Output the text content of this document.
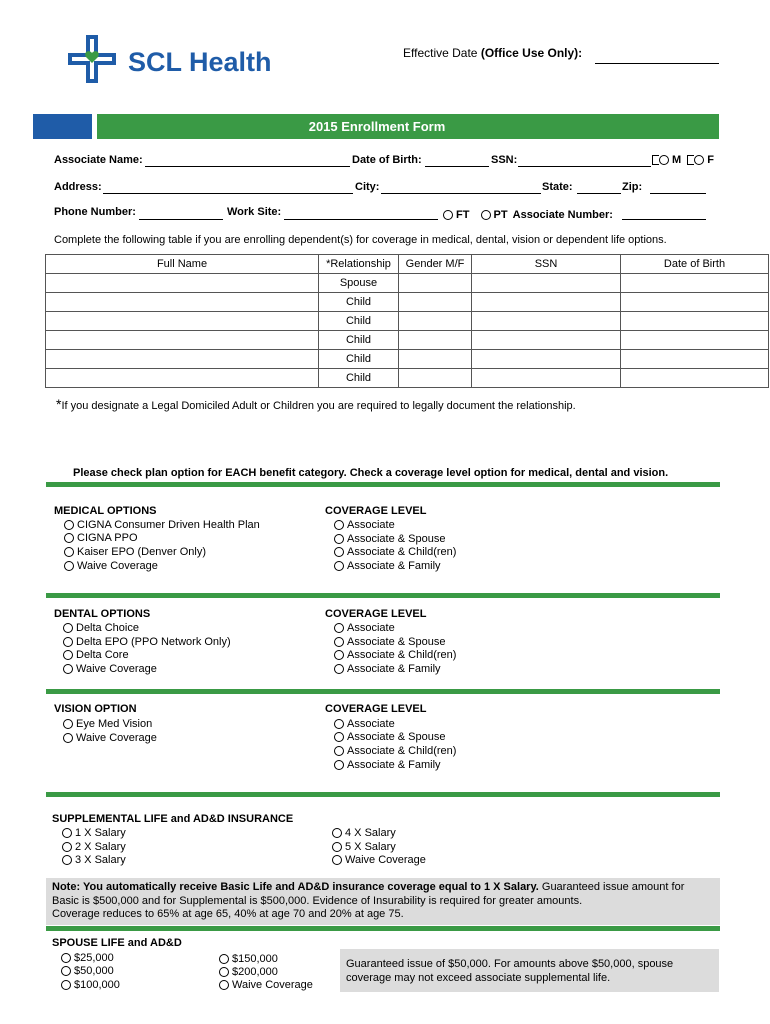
SCL Health	Effective Date (Office Use Only):
2015 Enrollment Form
Associate Name:	Date of Birth:	SSN:	M F
Address:	City:	State:	Zip:
Phone Number:	Work Site:	FT PT Associate Number:
Complete the following table if you are enrolling dependent(s) for coverage in medical, dental, vision or dependent life options.
Full Name	*Relationship	Gender M/F	SSN	Date of Birth
	Spouse			
	Child			
	Child			
	Child			
	Child			
	Child			
*If you designate a Legal Domiciled Adult or Children you are required to legally document the relationship.
Please check plan option for EACH benefit category. Check a coverage level option for medical, dental and vision.
MEDICAL OPTIONS
CIGNA Consumer Driven Health Plan
CIGNA PPO
Kaiser EPO (Denver Only)
Waive Coverage
COVERAGE LEVEL
Associate
Associate & Spouse
Associate & Child(ren)
Associate & Family
DENTAL OPTIONS
Delta Choice
Delta EPO (PPO Network Only)
Delta Core
Waive Coverage
COVERAGE LEVEL
Associate
Associate & Spouse
Associate & Child(ren)
Associate & Family
VISION OPTION
Eye Med Vision
Waive Coverage
COVERAGE LEVEL
Associate
Associate & Spouse
Associate & Child(ren)
Associate & Family
SUPPLEMENTAL LIFE and AD&D INSURANCE
1 X Salary
2 X Salary
3 X Salary
4 X Salary
5 X Salary
Waive Coverage
Note: You automatically receive Basic Life and AD&D insurance coverage equal to 1 X Salary. Guaranteed issue amount for Basic is $500,000 and for Supplemental is $500,000. Evidence of Insurability is required for greater amounts.
Coverage reduces to 65% at age 65, 40% at age 70 and 20% at age 75.
SPOUSE LIFE and AD&D
$25,000
$50,000
$100,000
$150,000
$200,000
Waive Coverage
Guaranteed issue of $50,000. For amounts above $50,000, spouse coverage may not exceed associate supplemental life.
